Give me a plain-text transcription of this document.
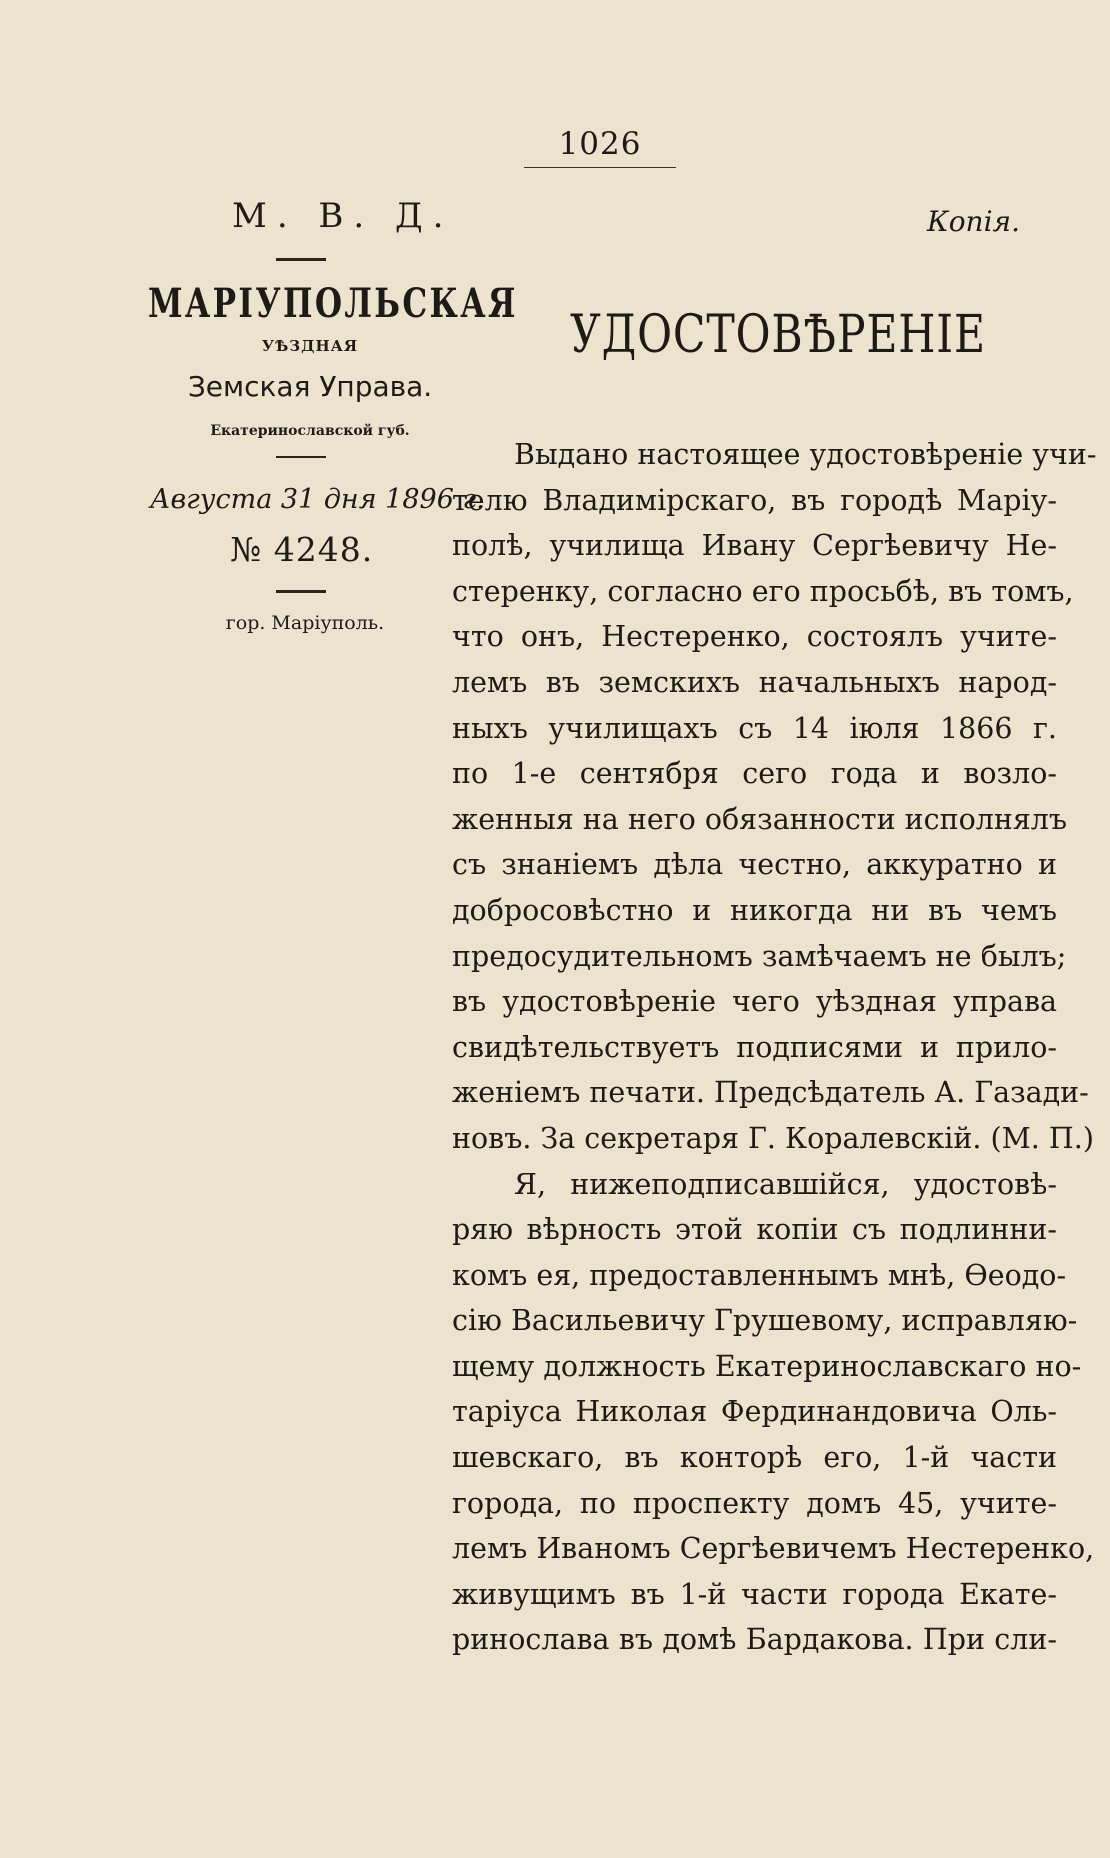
1026
М. В. Д.	Копія.
МАРІУПОЛЬСКАЯ
УѢЗДНАЯ
Земская Управа.
Екатеринославской губ.
Августа 31 дня 1896 г.
№ 4248.
гор. Маріуполь.
УДОСТОВѢРЕНІЕ
Выдано настоящее удостовѣреніе учи-
телю Владимірскаго, въ городѣ Маріу-
полѣ, училища Ивану Сергѣевичу Не-
стеренку, согласно его просьбѣ, въ томъ,
что онъ, Нестеренко, состоялъ учите-
лемъ въ земскихъ начальныхъ народ-
ныхъ училищахъ съ 14 іюля 1866 г.
по 1-е сентября сего года и возло-
женныя на него обязанности исполнялъ
съ знаніемъ дѣла честно, аккуратно и
добросовѣстно и никогда ни въ чемъ
предосудительномъ замѣчаемъ не былъ;
въ удостовѣреніе чего уѣздная управа
свидѣтельствуетъ подписями и прило-
женіемъ печати. Предсѣдатель А. Газади-
новъ. За секретаря Г. Коралевскій. (М. П.)
Я, нижеподписавшійся, удостовѣ-
ряю вѣрность этой копіи съ подлинни-
комъ ея, предоставленнымъ мнѣ, Ѳеодо-
сію Васильевичу Грушевому, исправляю-
щему должность Екатеринославскаго но-
таріуса Николая Фердинандовича Оль-
шевскаго, въ конторѣ его, 1-й части
города, по проспекту домъ 45, учите-
лемъ Иваномъ Сергѣевичемъ Нестеренко,
живущимъ въ 1-й части города Екате-
ринослава въ домѣ Бардакова. При сли-
